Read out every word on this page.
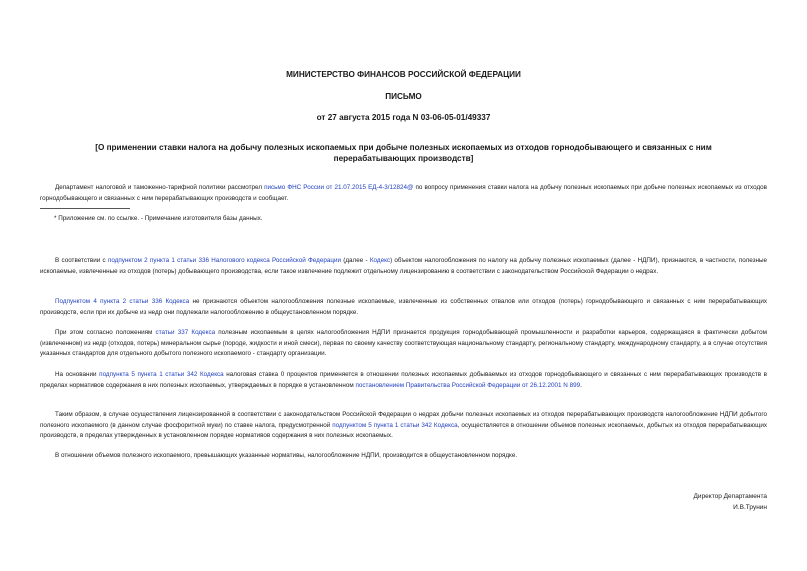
МИНИСТЕРСТВО ФИНАНСОВ РОССИЙСКОЙ ФЕДЕРАЦИИ
ПИСЬМО
от 27 августа 2015 года N 03-06-05-01/49337
[О применении ставки налога на добычу полезных ископаемых при добыче полезных ископаемых из отходов горнодобывающего и связанных с ним
перерабатывающих производств]
Департамент налоговой и таможенно-тарифной политики рассмотрел письмо ФНС России от 21.07.2015 ЕД-4-3/12824@ по вопросу применения ставки налога на добычу полезных ископаемых при добыче полезных ископаемых из отходов горнодобывающего и связанных с ним перерабатывающих производств и сообщает.
* Приложение см. по ссылке. - Примечание изготовителя базы данных.
В соответствии с подпунктом 2 пункта 1 статьи 336 Налогового кодекса Российской Федерации (далее - Кодекс) объектом налогообложения по налогу на добычу полезных ископаемых (далее - НДПИ), признаются, в частности, полезные ископаемые, извлеченные из отходов (потерь) добывающего производства, если такое извлечение подлежит отдельному лицензированию в соответствии с законодательством Российской Федерации о недрах.
Подпунктом 4 пункта 2 статьи 336 Кодекса не признаются объектом налогообложения полезные ископаемые, извлеченные из собственных отвалов или отходов (потерь) горнодобывающего и связанных с ним перерабатывающих производств, если при их добыче из недр они подлежали налогообложению в общеустановленном порядке.
При этом согласно положениям статьи 337 Кодекса полезным ископаемым в целях налогообложения НДПИ признается продукция горнодобывающей промышленности и разработки карьеров, содержащаяся в фактически добытом (извлеченном) из недр (отходов, потерь) минеральном сырье (породе, жидкости и иной смеси), первая по своему качеству соответствующая национальному стандарту, региональному стандарту, международному стандарту, а в случае отсутствия указанных стандартов для отдельного добытого полезного ископаемого - стандарту организации.
На основании подпункта 5 пункта 1 статьи 342 Кодекса налоговая ставка 0 процентов применяется в отношении полезных ископаемых добываемых из отходов горнодобывающего и связанных с ним перерабатывающих производств в пределах нормативов содержания в них полезных ископаемых, утверждаемых в порядке в установленном постановлением Правительства Российской Федерации от 26.12.2001 N 899.
Таким образом, в случае осуществления лицензированной в соответствии с законодательством Российской Федерации о недрах добычи полезных ископаемых из отходов перерабатывающих производств налогообложение НДПИ добытого полезного ископаемого (в данном случае фосфоритной муки) по ставке налога, предусмотренной подпунктом 5 пункта 1 статьи 342 Кодекса, осуществляется в отношении объемов полезных ископаемых, добытых из отходов перерабатывающих производств, в пределах утвержденных в установленном порядке нормативов содержания в них полезных ископаемых.
В отношении объемов полезного ископаемого, превышающих указанные нормативы, налогообложение НДПИ, производится в общеустановленном порядке.
Директор Департамента
И.В.Трунин
